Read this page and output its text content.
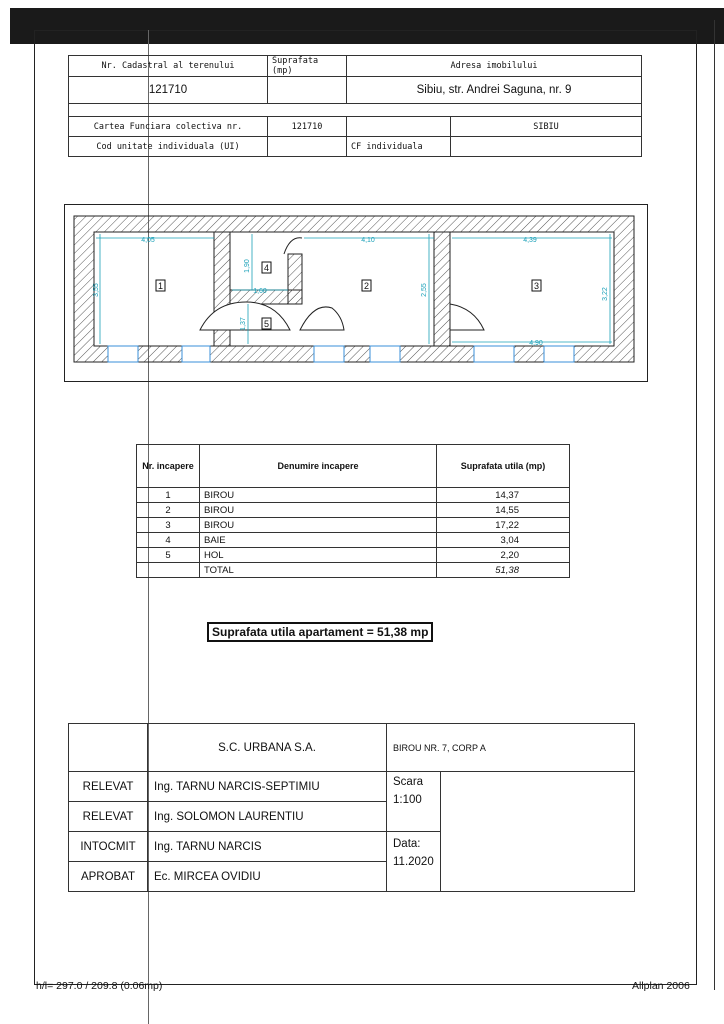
Nr. Cadastral al terenului	Suprafata (mp)	Adresa imobilului	
121710		Sibiu, str. Andrei Saguna, nr. 9	

Cartea Funciara colectiva nr.	121710		SIBIU
Cod unitate individuala (UI)		CF individuala	
4,05	4,10	4,39
3,55
1,90
1,60
1,37
2,55	3,22
4,90
1	2	3
4
5
Nr. incapere	Denumire incapere	Suprafata utila (mp)
1	BIROU	14,37
2	BIROU	14,55
3	BIROU	17,22
4	BAIE	3,04
5	HOL	2,20
	TOTAL	51,38
Suprafata utila apartament = 51,38 mp
	S.C. URBANA S.A.	BIROU NR. 7, CORP A	
RELEVAT	Ing. TARNU NARCIS-SEPTIMIU	Scara
1:100	

RELEVAT	Ing. SOLOMON LAURENTIU		
INTOCMIT	Ing. TARNU NARCIS	Data:
11.2020	

APROBAT	Ec. MIRCEA OVIDIU		
h/l= 297.0 / 209.8 (0.06mp)	Allplan 2006
